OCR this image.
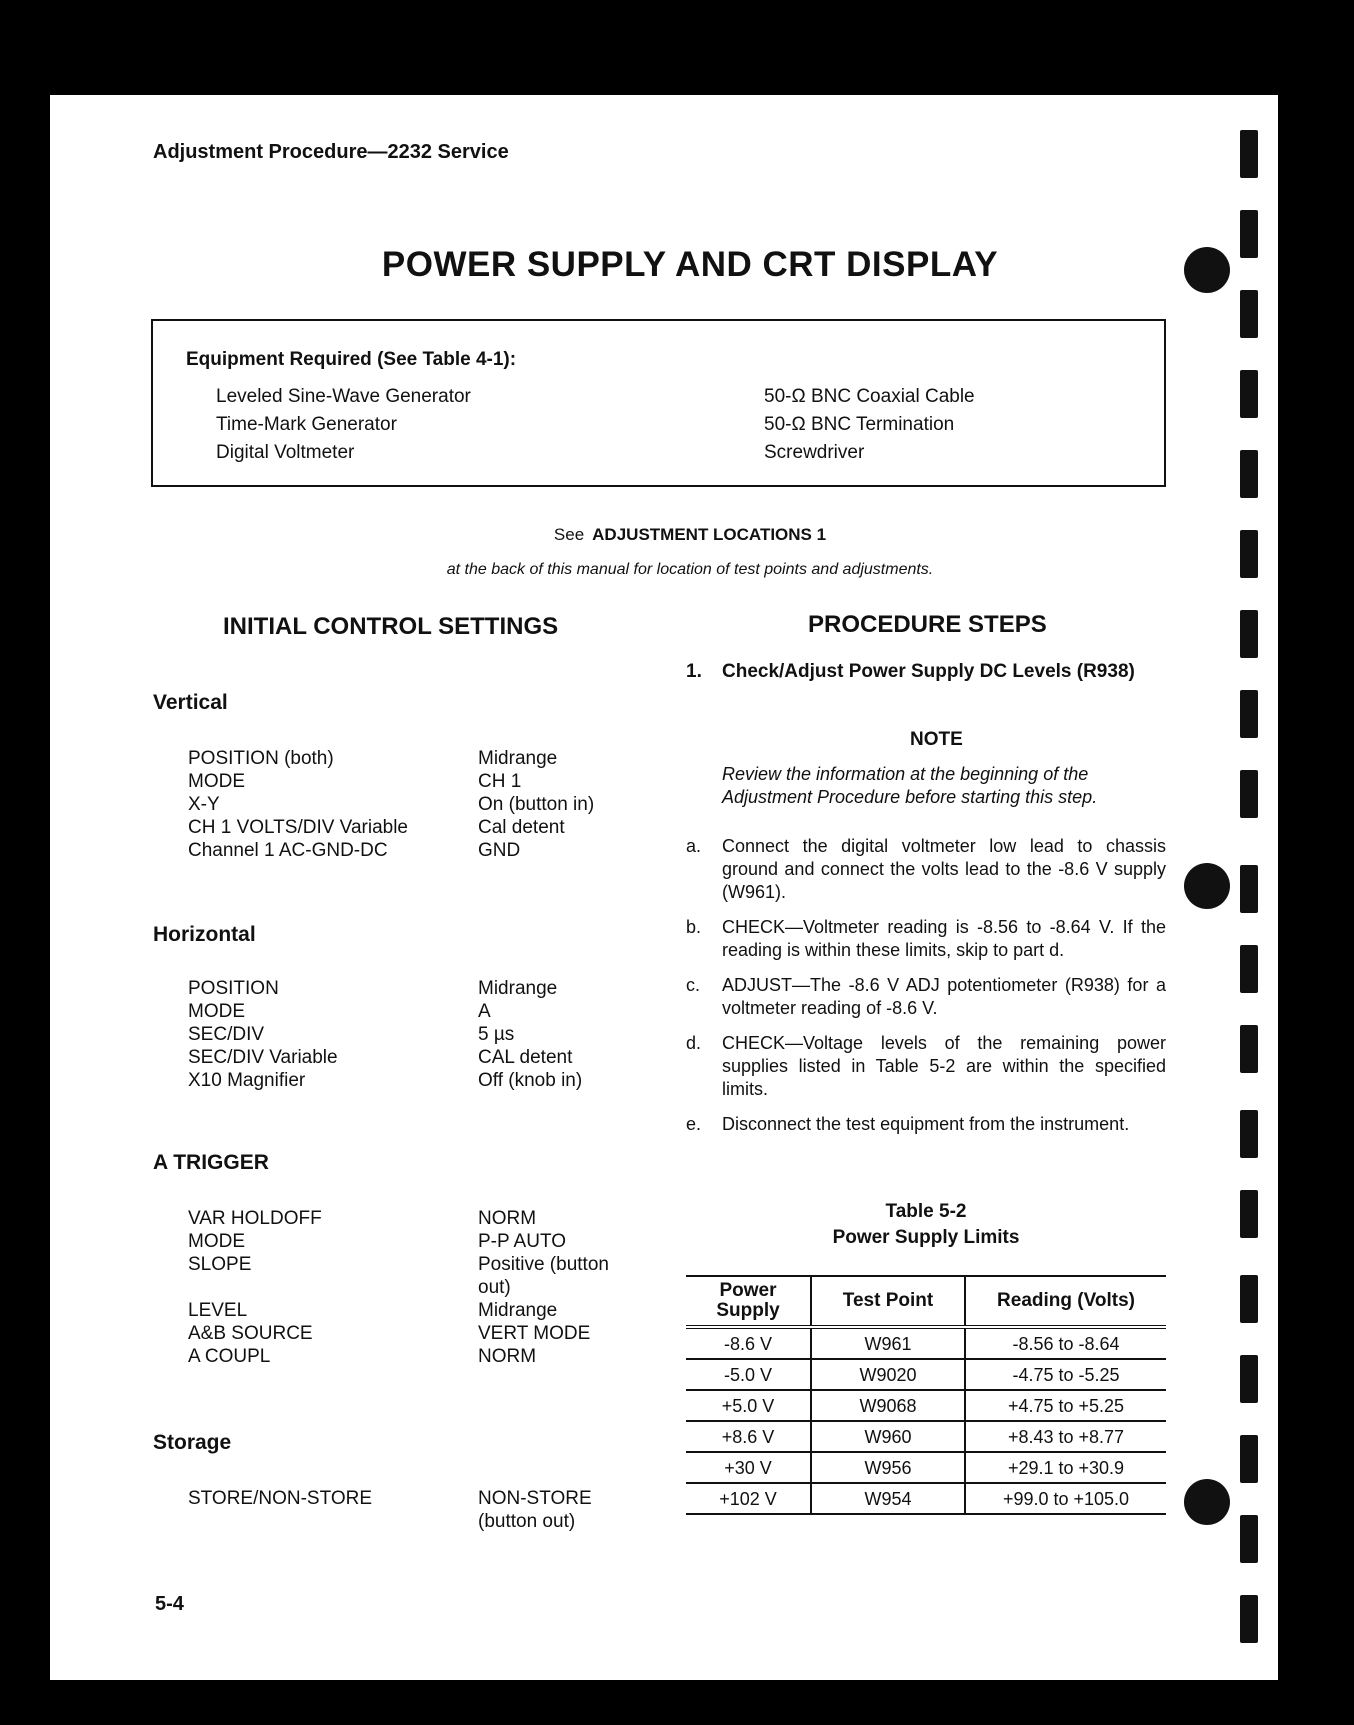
Adjustment Procedure—2232 Service
POWER SUPPLY AND CRT DISPLAY
Equipment Required (See Table 4-1):
Leveled Sine-Wave Generator
Time-Mark Generator
Digital Voltmeter
50-Ω BNC Coaxial Cable
50-Ω BNC Termination
Screwdriver
See ADJUSTMENT LOCATIONS 1
at the back of this manual for location of test points and adjustments.
INITIAL CONTROL SETTINGS	PROCEDURE STEPS
Vertical
POSITION (both)	Midrange
MODE	CH 1
X-Y	On (button in)
CH 1 VOLTS/DIV Variable	Cal detent
Channel 1 AC-GND-DC	GND
Horizontal
POSITION	Midrange
MODE	A
SEC/DIV	5 µs
SEC/DIV Variable	CAL detent
X10 Magnifier	Off (knob in)
A TRIGGER
VAR HOLDOFF	NORM
MODE	P-P AUTO
SLOPE	Positive (button out)
LEVEL	Midrange
A&B SOURCE	VERT MODE
A COUPL	NORM
Storage
STORE/NON-STORE	NON-STORE (button out)
1. Check/Adjust Power Supply DC Levels (R938)
NOTE
Review the information at the beginning of the Adjustment Procedure before starting this step.
a.	Connect the digital voltmeter low lead to chassis ground and connect the volts lead to the -8.6 V supply (W961).
b.	CHECK—Voltmeter reading is -8.56 to -8.64 V. If the reading is within these limits, skip to part d.
c.	ADJUST—The -8.6 V ADJ potentiometer (R938) for a voltmeter reading of -8.6 V.
d.	CHECK—Voltage levels of the remaining power supplies listed in Table 5-2 are within the specified limits.
e.	Disconnect the test equipment from the instrument.
Table 5-2
Power Supply Limits
Power Supply	Test Point	Reading (Volts)
-8.6 V	W961	-8.56 to -8.64
-5.0 V	W9020	-4.75 to -5.25
+5.0 V	W9068	+4.75 to +5.25
+8.6 V	W960	+8.43 to +8.77
+30 V	W956	+29.1 to +30.9
+102 V	W954	+99.0 to +105.0
5-4
